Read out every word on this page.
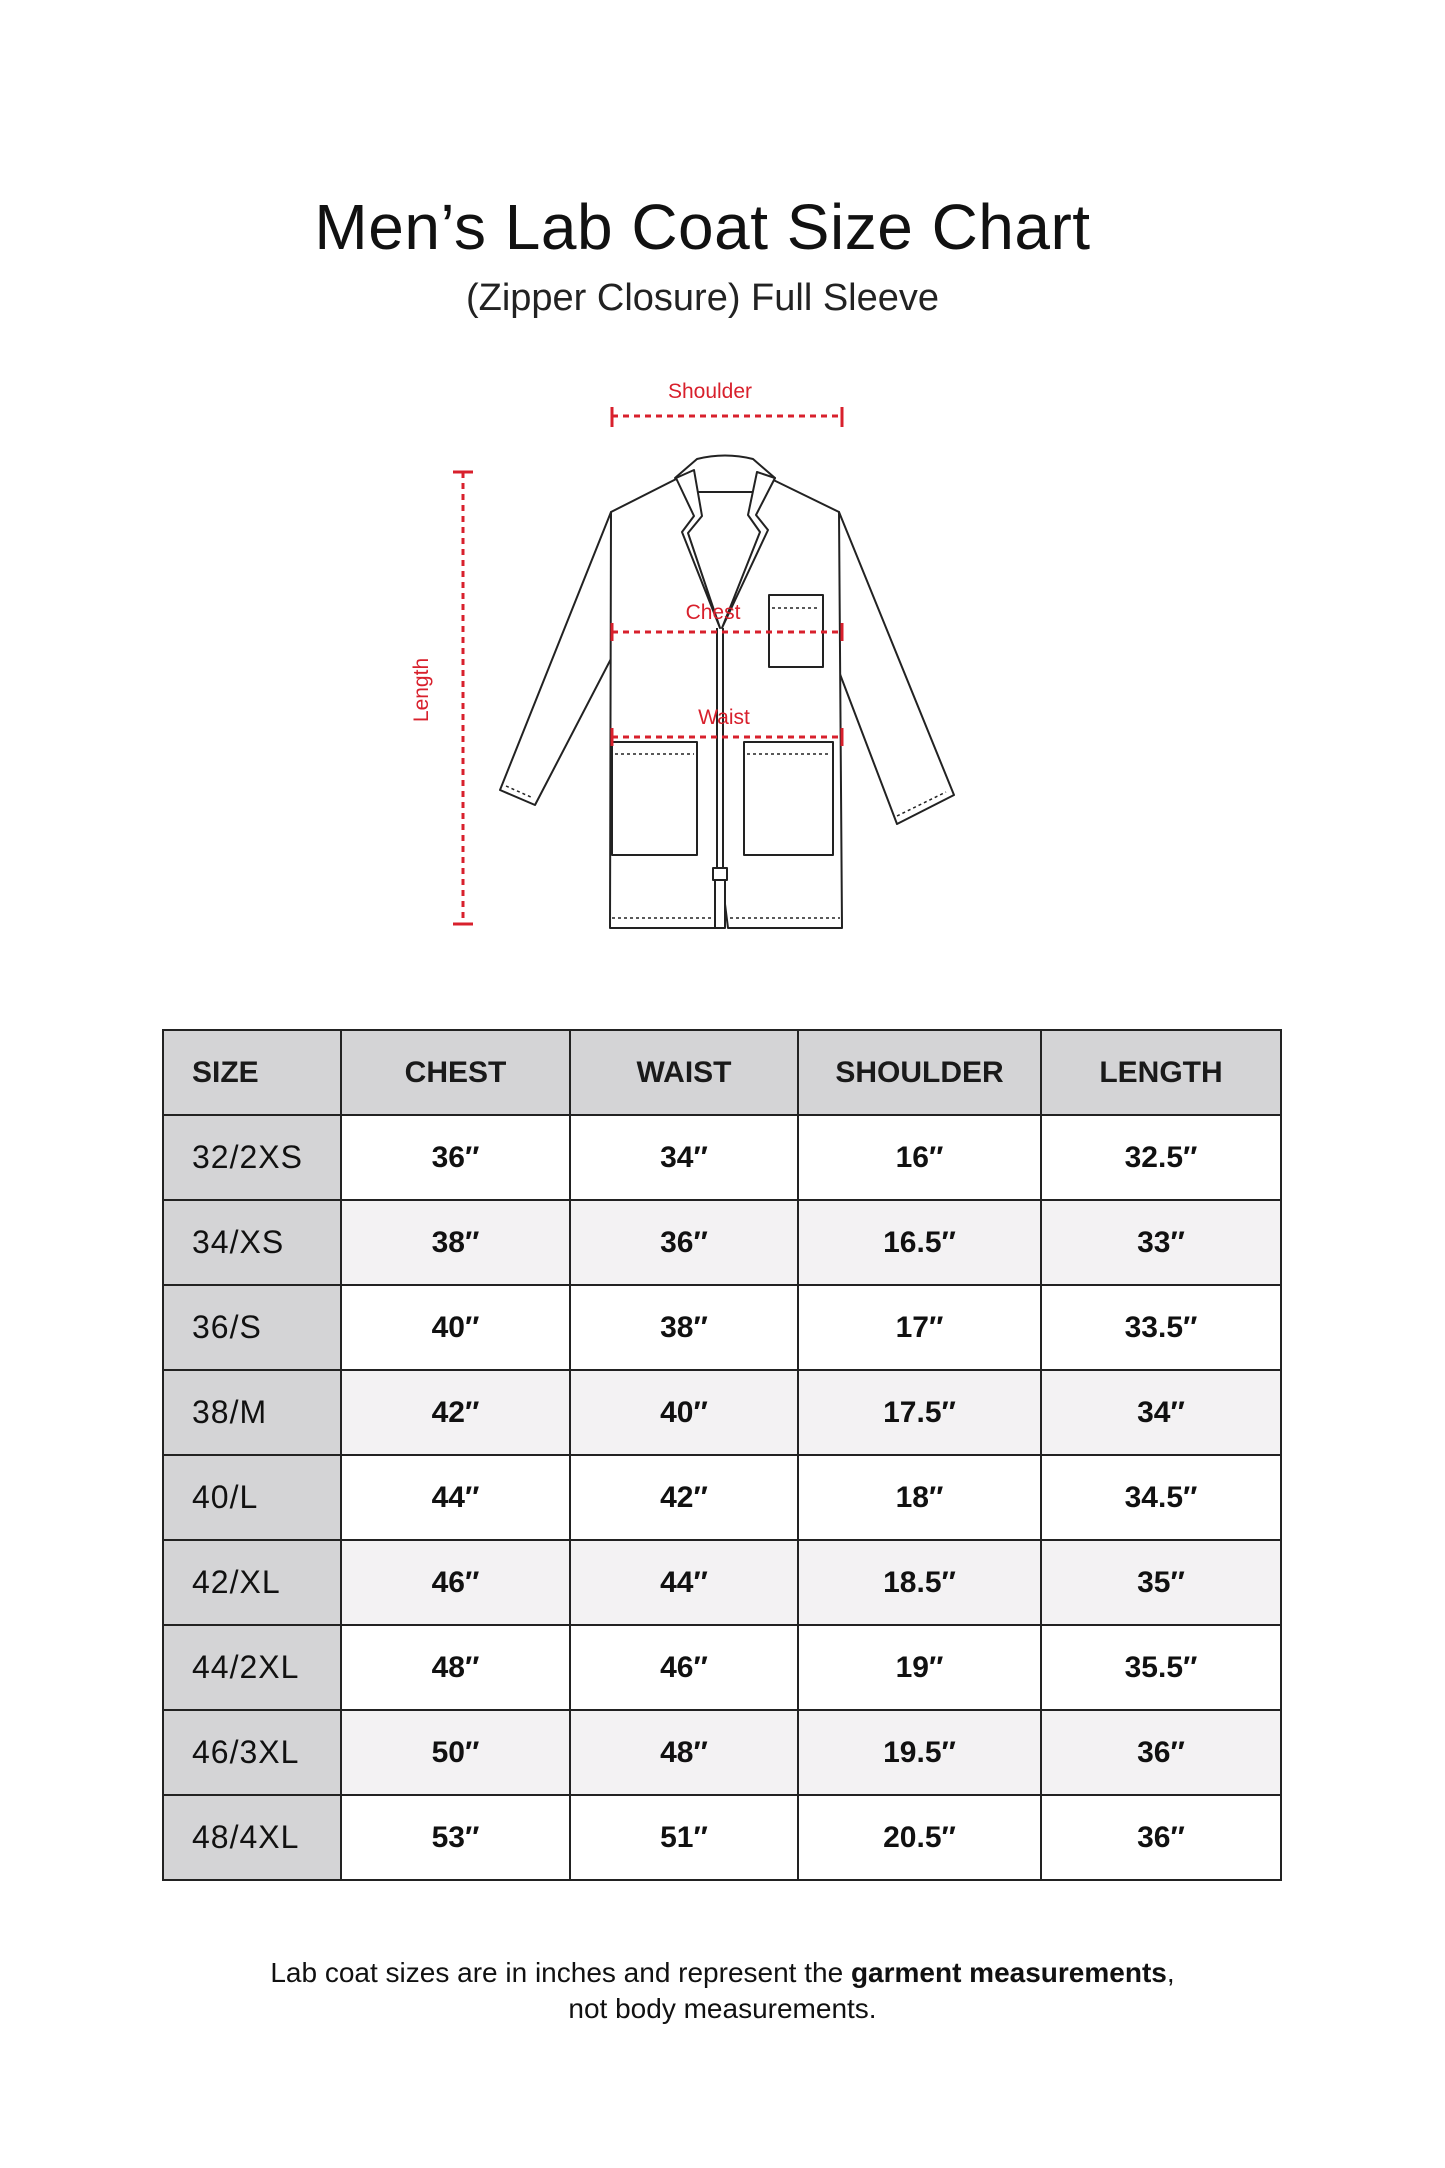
Men’s Lab Coat Size Chart
(Zipper Closure) Full Sleeve
Shoulder
Chest
Waist
Length
SIZE	CHEST	WAIST	SHOULDER	LENGTH
32/2XS	36″	34″	16″	32.5″
34/XS	38″	36″	16.5″	33″
36/S	40″	38″	17″	33.5″
38/M	42″	40″	17.5″	34″
40/L	44″	42″	18″	34.5″
42/XL	46″	44″	18.5″	35″
44/2XL	48″	46″	19″	35.5″
46/3XL	50″	48″	19.5″	36″
48/4XL	53″	51″	20.5″	36″
Lab coat sizes are in inches and represent the garment measurements,
not body measurements.
